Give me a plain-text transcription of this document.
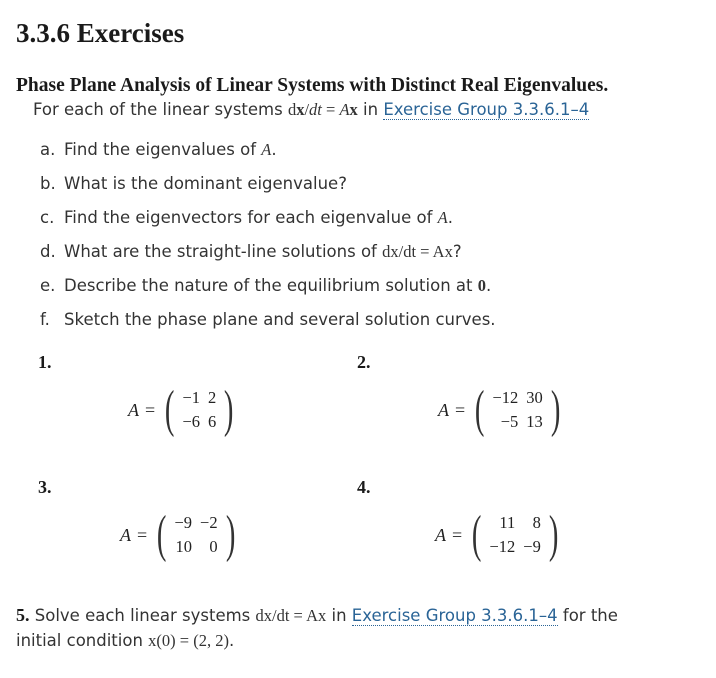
3.3.6 Exercises
Phase Plane Analysis of Linear Systems with Distinct Real Eigenvalues.
For each of the linear systems dx/dt = Ax in Exercise Group 3.3.6.1–4
a. Find the eigenvalues of A.
b. What is the dominant eigenvalue?
c. Find the eigenvectors for each eigenvalue of A.
d. What are the straight-line solutions of dx/dt = Ax?
e. Describe the nature of the equilibrium solution at 0.
f. Sketch the phase plane and several solution curves.
1.
A = ( −1	2
−6	6 )
2.
A = ( −12	30
−5	13 )
3.
A = ( −9	−2
10	0 )
4.
A = ( 11	8
−12	−9 )
5. Solve each linear systems dx/dt = Ax in Exercise Group 3.3.6.1–4 for the initial condition x(0) = (2, 2).
